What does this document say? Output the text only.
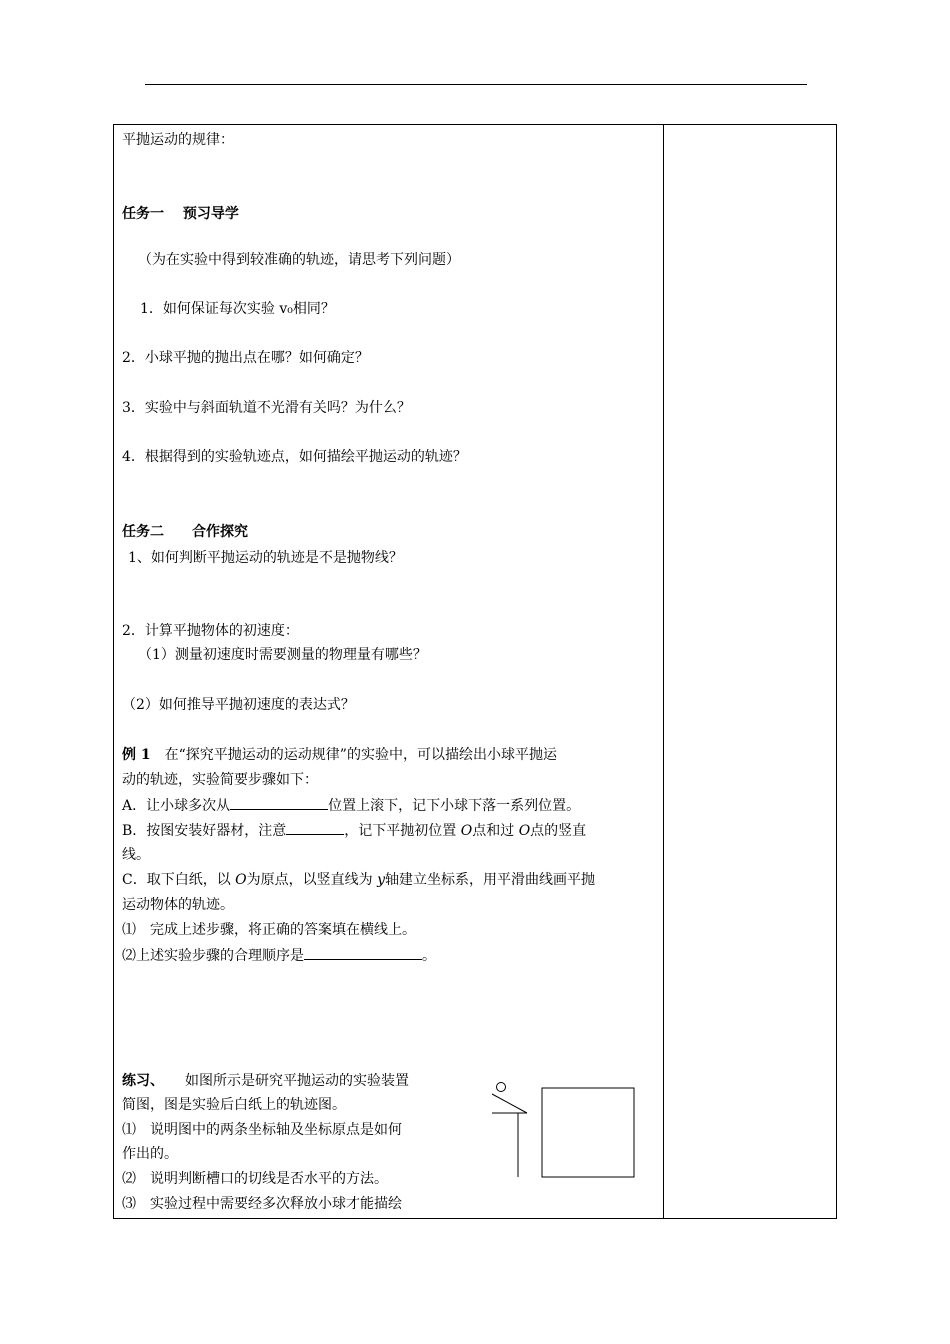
平抛运动的规律：
任务一　 预习导学
（为在实验中得到较准确的轨迹，请思考下列问题）
1．如何保证每次实验 v₀相同？
2．小球平抛的抛出点在哪？如何确定？
3．实验中与斜面轨道不光滑有关吗？为什么？
4．根据得到的实验轨迹点，如何描绘平抛运动的轨迹？
任务二　　合作探究
1、如何判断平抛运动的轨迹是不是抛物线？
2．计算平抛物体的初速度：
（1）测量初速度时需要测量的物理量有哪些？
（2）如何推导平抛初速度的表达式？
例 1　在“探究平抛运动的运动规律”的实验中，可以描绘出小球平抛运
动的轨迹，实验简要步骤如下：
A．让小球多次从	位置上滚下，记下小球下落一系列位置。
B．按图安装好器材，注意	，记下平抛初位置 O点和过 O点的竖直
线。
C．取下白纸，以 O为原点，以竖直线为 y轴建立坐标系，用平滑曲线画平抛
运动物体的轨迹。
⑴　完成上述步骤，将正确的答案填在横线上。
⑵上述实验步骤的合理顺序是	。
练习、　　如图所示是研究平抛运动的实验装置
简图，图是实验后白纸上的轨迹图。
⑴　说明图中的两条坐标轴及坐标原点是如何
作出的。
⑵　说明判断槽口的切线是否水平的方法。
⑶　实验过程中需要经多次释放小球才能描绘
